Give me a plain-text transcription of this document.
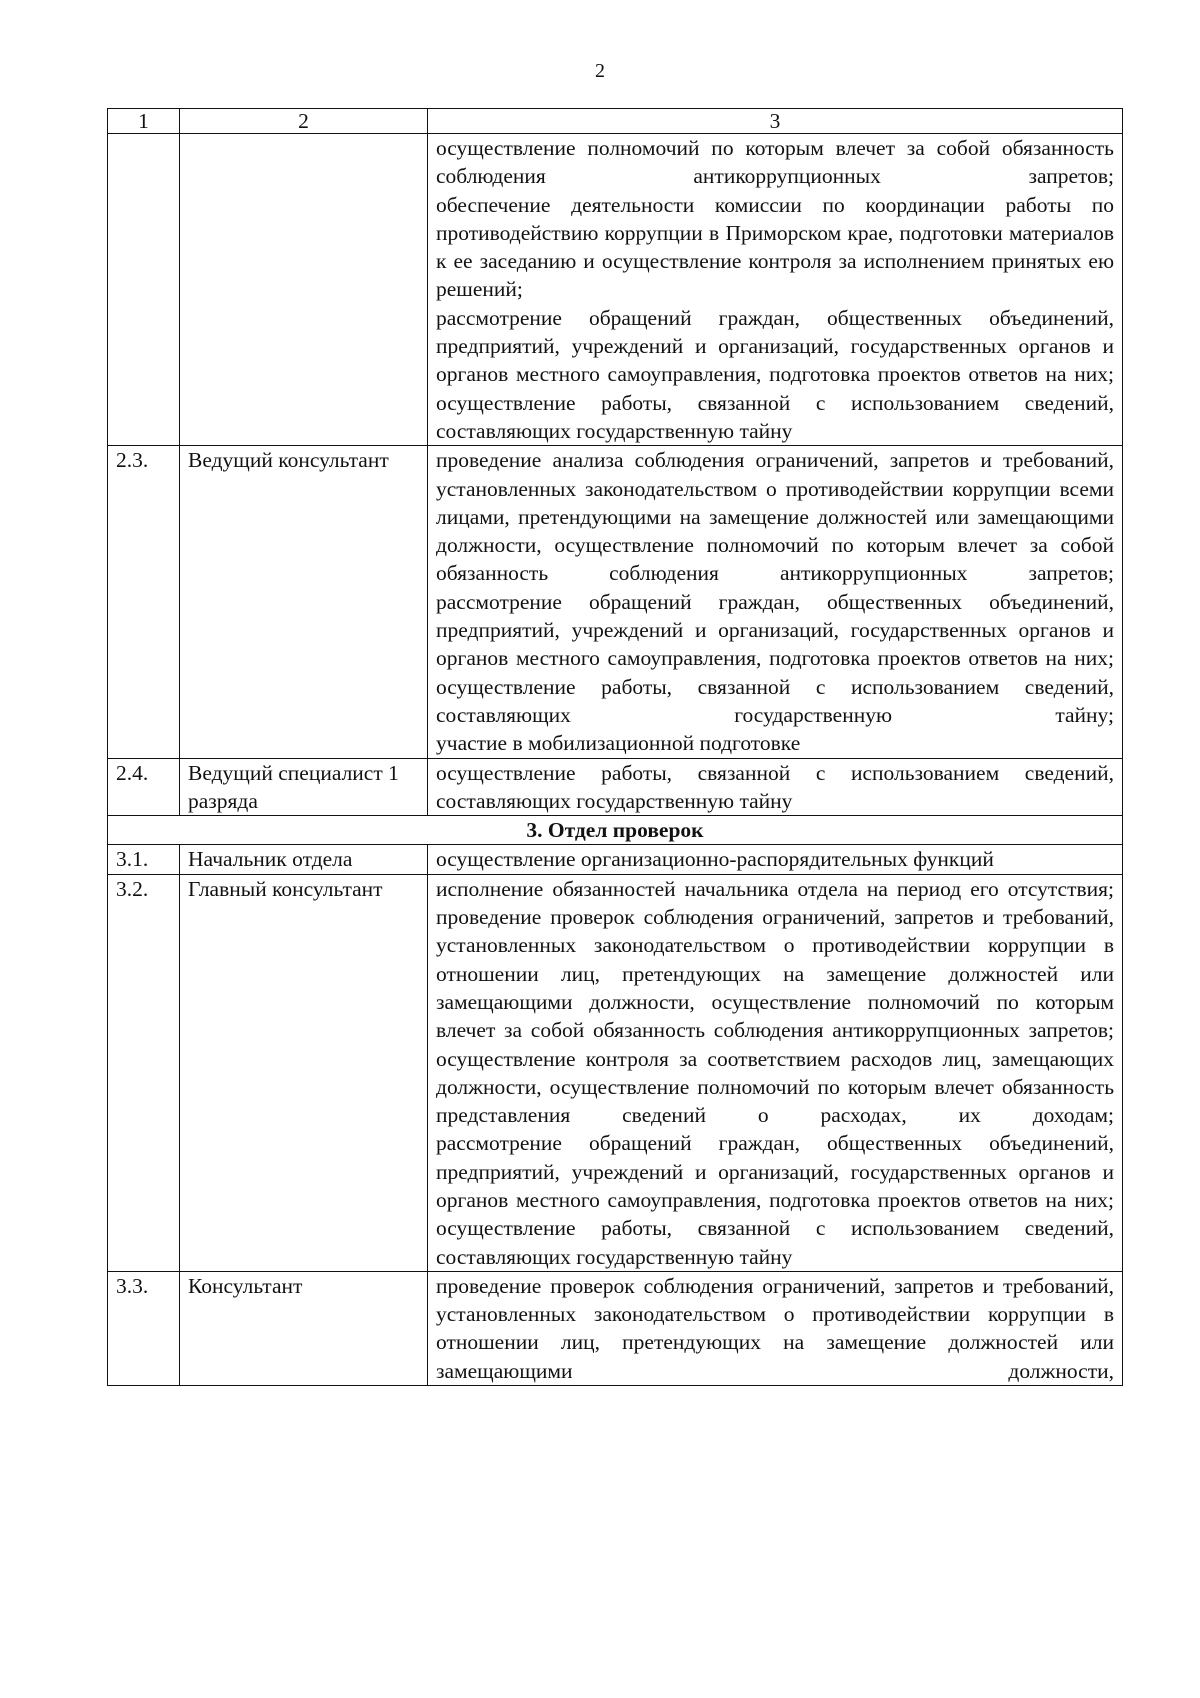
2
1	2	3

		осуществление полномочий по которым влечет за собой обязанность соблюдения антикоррупционных запретов;
обеспечение деятельности комиссии по координации работы по противодействию коррупции в Приморском крае, подготовки материалов к ее заседанию и осуществление контроля за исполнением принятых ею решений;
рассмотрение обращений граждан, общественных объединений, предприятий, учреждений и организаций, государственных органов и органов местного самоуправления, подготовка проектов ответов на них;
осуществление работы, связанной с использованием сведений, составляющих государственную тайну

2.3.	Ведущий консультант	проведение анализа соблюдения ограничений, запретов и требований, установленных законодательством о противодействии коррупции всеми лицами, претендующими на замещение должностей или замещающими должности, осуществление полномочий по которым влечет за собой обязанность соблюдения антикоррупционных запретов;
рассмотрение обращений граждан, общественных объединений, предприятий, учреждений и организаций, государственных органов и органов местного самоуправления, подготовка проектов ответов на них;
осуществление работы, связанной с использованием сведений, составляющих государственную тайну;
участие в мобилизационной подготовке

2.4.	Ведущий специалист 1 разряда	осуществление работы, связанной с использованием сведений, составляющих государственную тайну

3. Отдел проверок		
3.1.	Начальник отдела	осуществление организационно-распорядительных функций

3.2.	Главный консультант	исполнение обязанностей начальника отдела на период его отсутствия;
проведение проверок соблюдения ограничений, запретов и требований, установленных законодательством о противодействии коррупции в отношении лиц, претендующих на замещение должностей или замещающими должности, осуществление полномочий по которым влечет за собой обязанность соблюдения антикоррупционных запретов;
осуществление контроля за соответствием расходов лиц, замещающих должности, осуществление полномочий по которым влечет обязанность представления сведений о расходах, их доходам;
рассмотрение обращений граждан, общественных объединений, предприятий, учреждений и организаций, государственных органов и органов местного самоуправления, подготовка проектов ответов на них;
осуществление работы, связанной с использованием сведений, составляющих государственную тайну

3.3.	Консультант	проведение проверок соблюдения ограничений, запретов и требований, установленных законодательством о противодействии коррупции в отношении лиц, претендующих на замещение должностей или замещающими должности,
